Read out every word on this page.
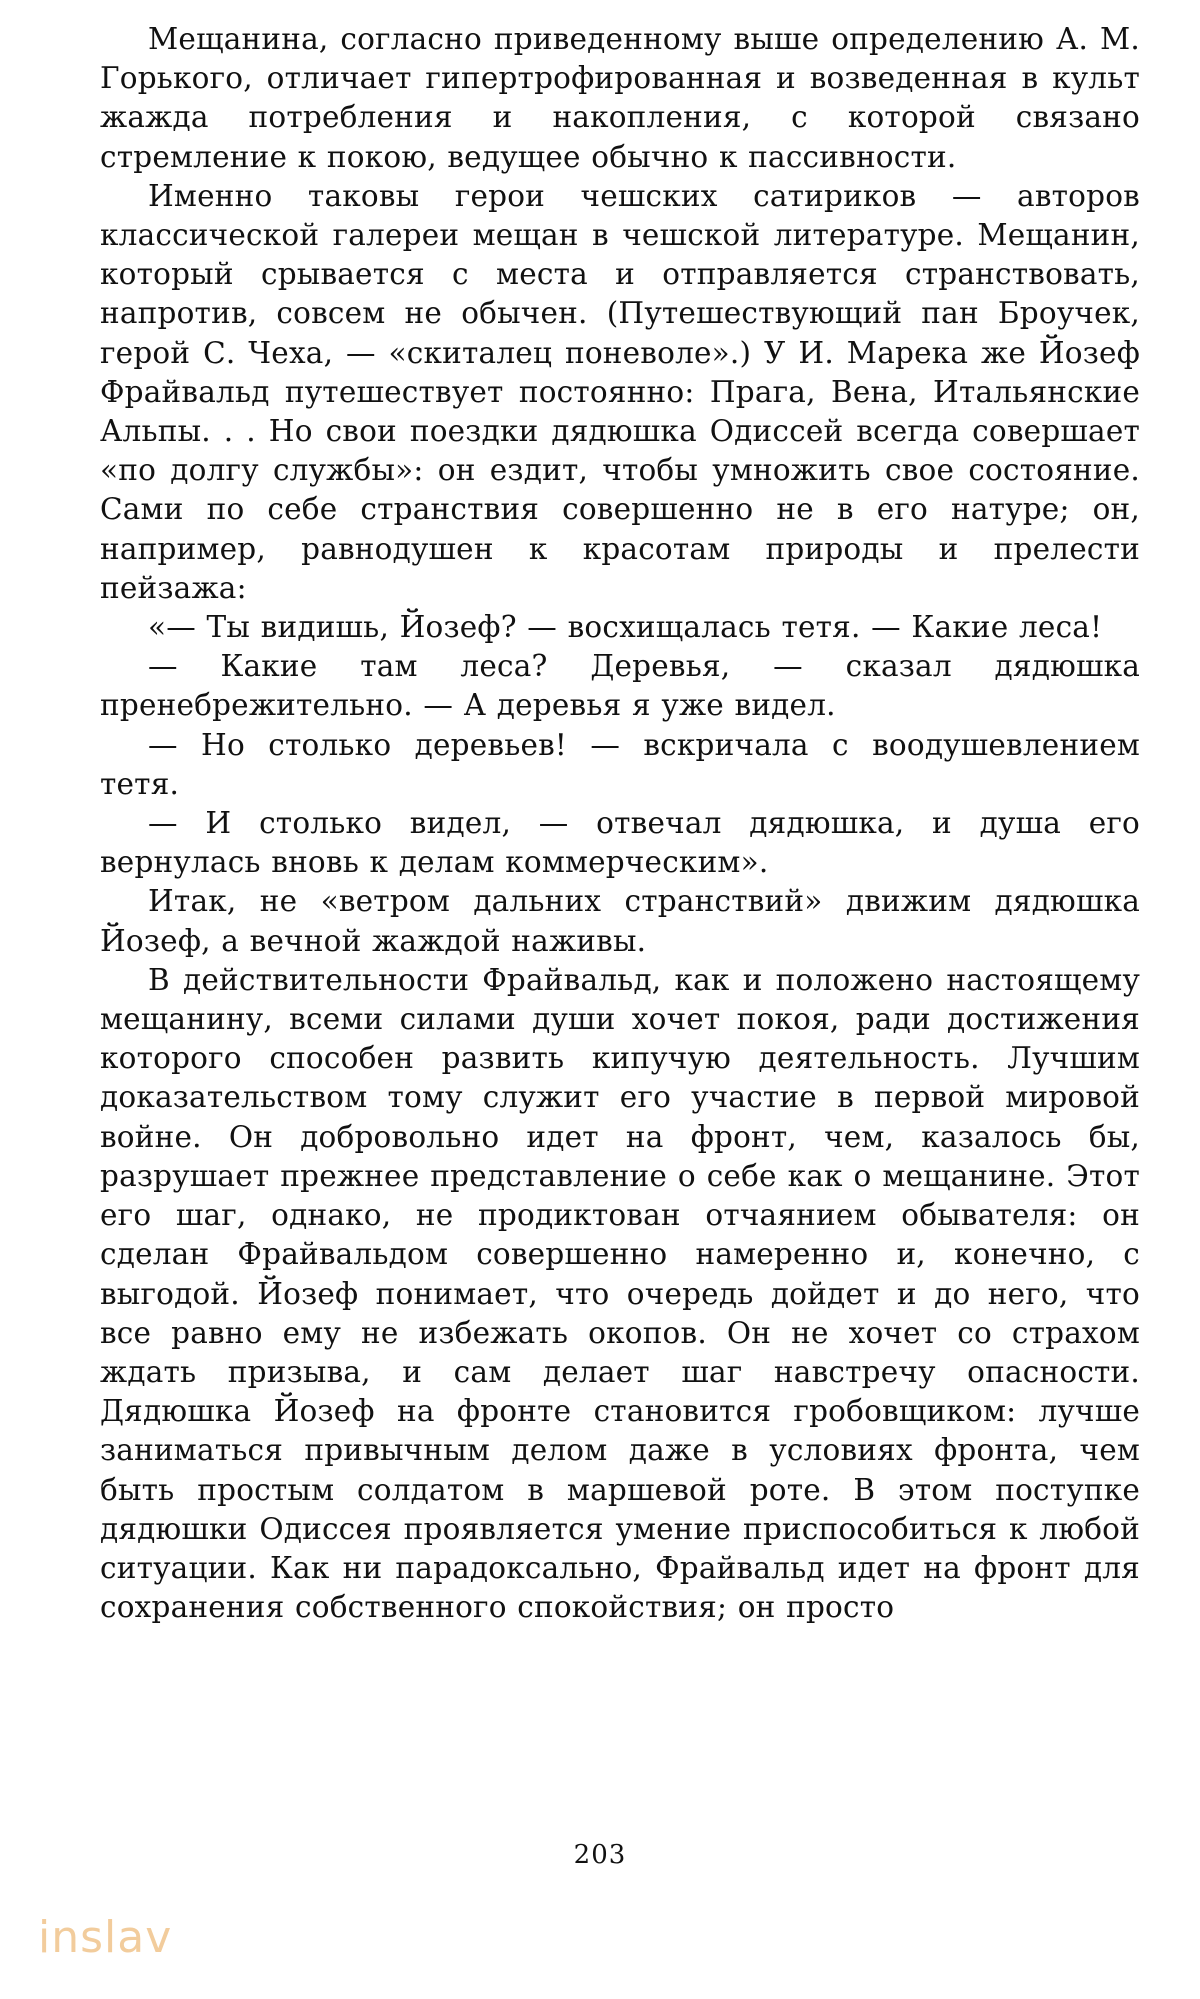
Мещанина, согласно приведенному выше определению А. М. Горького, отличает гипертрофированная и возведенная в культ жажда потребления и накопления, с которой связано стремление к покою, ведущее обычно к пассивности.

Именно таковы герои чешских сатириков — авторов классической галереи мещан в чешской литературе. Мещанин, который срывается с места и отправляется странствовать, напротив, совсем не обычен. (Путешествующий пан Броучек, герой С. Чеха, — «скиталец поневоле».) У И. Марека же Йозеф Фрайвальд путешествует постоянно: Прага, Вена, Итальянские Альпы. . . Но свои поездки дядюшка Одиссей всегда совершает «по долгу службы»: он ездит, чтобы умножить свое состояние. Сами по себе странствия совершенно не в его натуре; он, например, равнодушен к красотам природы и прелести пейзажа:

«— Ты видишь, Йозеф? — восхищалась тетя. — Какие леса!

— Какие там леса? Деревья, — сказал дядюшка пренебрежительно. — А деревья я уже видел.

— Но столько деревьев! — вскричала с воодушевлением тетя.

— И столько видел, — отвечал дядюшка, и душа его вернулась вновь к делам коммерческим».

Итак, не «ветром дальних странствий» движим дядюшка Йозеф, а вечной жаждой наживы.

В действительности Фрайвальд, как и положено настоящему мещанину, всеми силами души хочет покоя, ради достижения которого способен развить кипучую деятельность. Лучшим доказательством тому служит его участие в первой мировой войне. Он добровольно идет на фронт, чем, казалось бы, разрушает прежнее представление о себе как о мещанине. Этот его шаг, однако, не продиктован отчаянием обывателя: он сделан Фрайвальдом совершенно намеренно и, конечно, с выгодой. Йозеф понимает, что очередь дойдет и до него, что все равно ему не избежать окопов. Он не хочет со страхом ждать призыва, и сам делает шаг навстречу опасности. Дядюшка Йозеф на фронте становится гробовщиком: лучше заниматься привычным делом даже в условиях фронта, чем быть простым солдатом в маршевой роте. В этом поступке дядюшки Одиссея проявляется умение приспособиться к любой ситуации. Как ни парадоксально, Фрайвальд идет на фронт для сохранения собственного спокойствия; он просто

203
inslav
